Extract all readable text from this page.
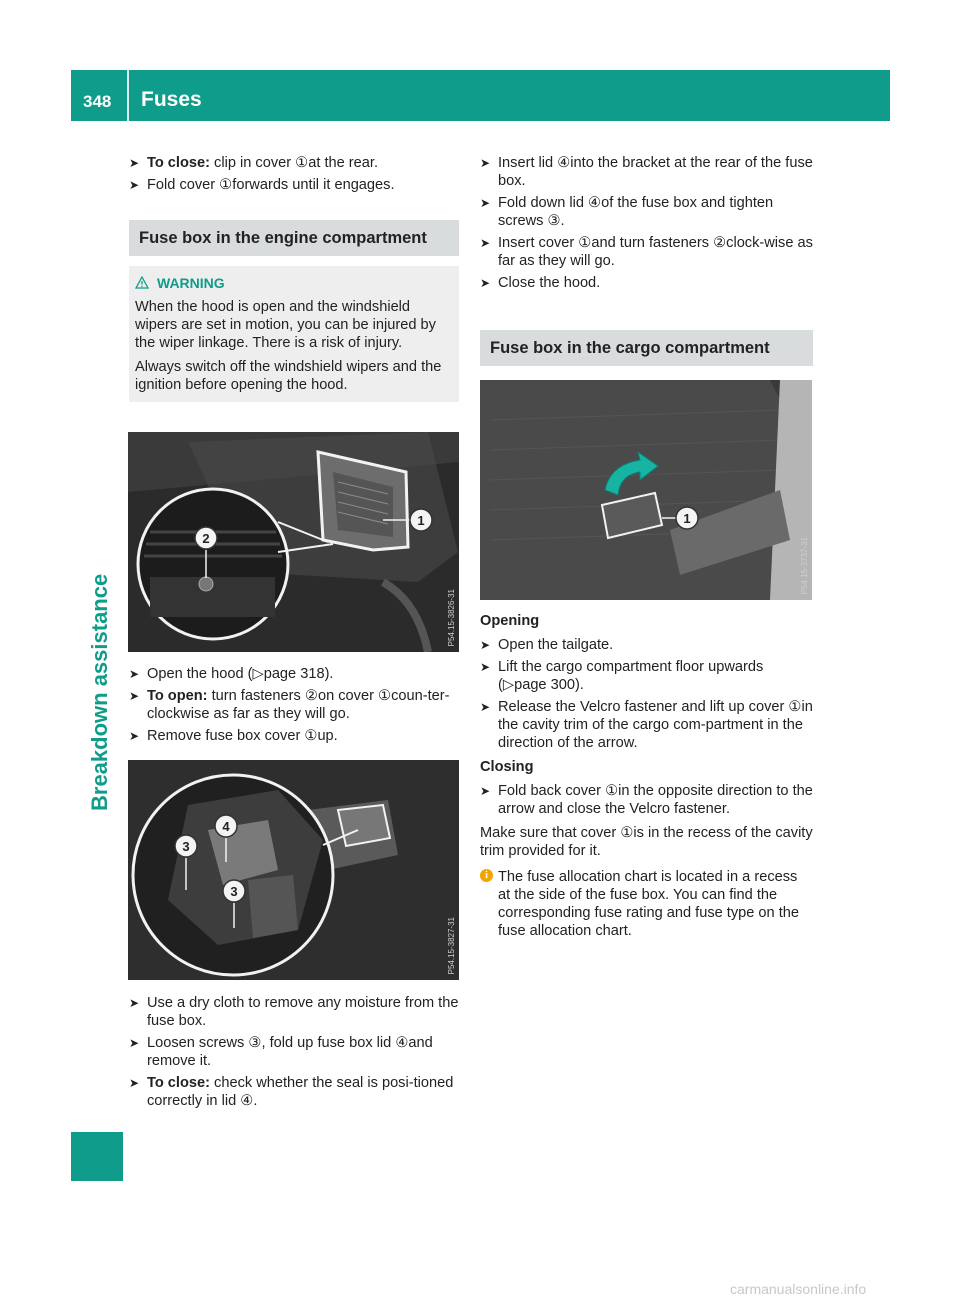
348 Fuses
Breakdown assistance
➤ To close: clip in cover ①at the rear.
➤ Fold cover ①forwards until it engages.
Fuse box in the engine compartment
WARNING

When the hood is open and the windshield wipers are set in motion, you can be injured by the wiper linkage. There is a risk of injury.

Always switch off the windshield wipers and the ignition before opening the hood.

2
1
P54.15-3826-31
➤ Open the hood (▷page 318).
➤ To open: turn fasteners ②on cover ①coun-ter-clockwise as far as they will go.
➤ Remove fuse box cover ①up.
3
4
3
P54.15-3827-31
➤ Use a dry cloth to remove any moisture from the fuse box.
➤ Loosen screws ③, fold up fuse box lid ④and remove it.
➤ To close: check whether the seal is posi-tioned correctly in lid ④.
➤ Insert lid ④into the bracket at the rear of the fuse box.
➤ Fold down lid ④of the fuse box and tighten screws ③.
➤ Insert cover ①and turn fasteners ②clock-wise as far as they will go.
➤ Close the hood.
Fuse box in the cargo compartment
1
P54.15-3737-31
Opening
➤ Open the tailgate.
➤ Lift the cargo compartment floor upwards (▷page 300).
➤ Release the Velcro fastener and lift up cover ①in the cavity trim of the cargo com-partment in the direction of the arrow.
Closing
➤ Fold back cover ①in the opposite direction to the arrow and close the Velcro fastener.
Make sure that cover ①is in the recess of the cavity trim provided for it.
i The fuse allocation chart is located in a recess at the side of the fuse box. You can find the corresponding fuse rating and fuse type on the fuse allocation chart.
carmanualsonline.info
